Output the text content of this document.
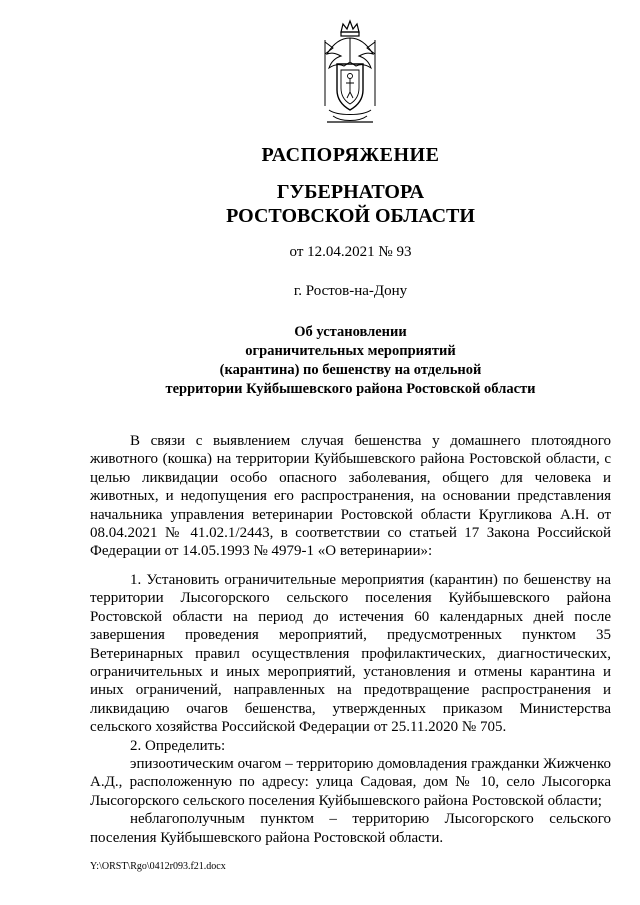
РАСПОРЯЖЕНИЕ
ГУБЕРНАТОРА
РОСТОВСКОЙ ОБЛАСТИ
от 12.04.2021 № 93
г. Ростов-на-Дону
Об установлении
ограничительных мероприятий
(карантина) по бешенству на отдельной
территории Куйбышевского района Ростовской области

В связи с выявлением случая бешенства у домашнего плотоядного животного (кошка) на территории Куйбышевского района Ростовской области, с целью ликвидации особо опасного заболевания, общего для человека и животных, и недопущения его распространения, на основании представления начальника управления ветеринарии Ростовской области Кругликова А.Н. от 08.04.2021 № 41.02.1/2443, в соответствии со статьей 17 Закона Российской Федерации от 14.05.1993 № 4979-1 «О ветеринарии»:

1. Установить ограничительные мероприятия (карантин) по бешенству на территории Лысогорского сельского поселения Куйбышевского района Ростовской области на период до истечения 60 календарных дней после завершения проведения мероприятий, предусмотренных пунктом 35 Ветеринарных правил осуществления профилактических, диагностических, ограничительных и иных мероприятий, установления и отмены карантина и иных ограничений, направленных на предотвращение распространения и ликвидацию очагов бешенства, утвержденных приказом Министерства сельского хозяйства Российской Федерации от 25.11.2020 № 705.

2. Определить:

эпизоотическим очагом – территорию домовладения гражданки Жижченко А.Д., расположенную по адресу: улица Садовая, дом № 10, село Лысогорка Лысогорского сельского поселения Куйбышевского района Ростовской области;

неблагополучным пунктом – территорию Лысогорского сельского поселения Куйбышевского района Ростовской области.

Y:\ORST\Rgo\0412r093.f21.docx
